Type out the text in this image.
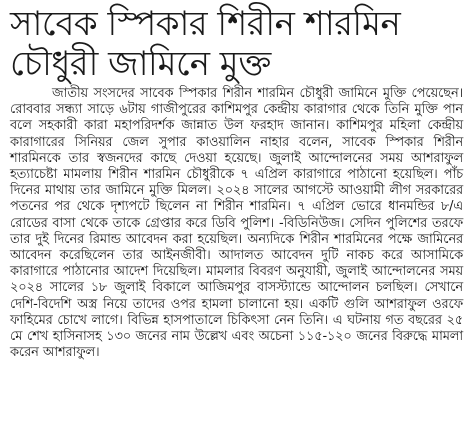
সাবেক স্পিকার শিরীন শারমিন
চৌধুরী জামিনে মুক্ত

জাতীয় সংসদের সাবেক স্পিকার শিরীন শারমিন চৌধুরী জামিনে মুক্তি পেয়েছেন। রোববার সন্ধ্যা সাড়ে ৬টায় গাজীপুরের কাশিমপুর কেন্দ্রীয় কারাগার থেকে তিনি মুক্তি পান বলে সহকারী কারা মহাপরিদর্শক জান্নাত উল ফরহাদ জানান। কাশিমপুর মহিলা কেন্দ্রীয় কারাগারের সিনিয়র জেল সুপার কাওয়ালিন নাহার বলেন, সাবেক স্পিকার শিরীন শারমিনকে তার স্বজনদের কাছে দেওয়া হয়েছে। জুলাই আন্দোলনের সময় আশরাফুল হত্যাচেষ্টা মামলায় শিরীন শারমিন চৌধুরীকে ৭ এপ্রিল কারাগারে পাঠানো হয়েছিল। পাঁচ দিনের মাথায় তার জামিনে মুক্তি মিলল। ২০২৪ সালের আগস্টে আওয়ামী লীগ সরকারের পতনের পর থেকে দৃশ্যপটে ছিলেন না শিরীন শারমিন। ৭ এপ্রিল ভোরে ধানমন্ডির ৮/এ রোডের বাসা থেকে তাকে গ্রেপ্তার করে ডিবি পুলিশ। -বিডিনিউজ। সেদিন পুলিশের তরফে তার দুই দিনের রিমান্ড আবেদন করা হয়েছিল। অন্যদিকে শিরীন শারমিনের পক্ষে জামিনের আবেদন করেছিলেন তার আইনজীবী। আদালত আবেদন দুটি নাকচ করে আসামিকে কারাগারে পাঠানোর আদেশ দিয়েছিল। মামলার বিবরণ অনুযায়ী, জুলাই আন্দোলনের সময় ২০২৪ সালের ১৮ জুলাই বিকালে আজিমপুর বাসস্ট্যান্ডে আন্দোলন চলছিল। সেখানে দেশি-বিদেশি অস্ত্র নিয়ে তাদের ওপর হামলা চালানো হয়। একটি গুলি আশরাফুল ওরফে ফাহিমের চোখে লাগে। বিভিন্ন হাসপাতালে চিকিৎসা নেন তিনি। এ ঘটনায় গত বছরের ২৫ মে শেখ হাসিনাসহ ১৩০ জনের নাম উল্লেখ এবং অচেনা ১১৫-১২০ জনের বিরুদ্ধে মামলা করেন আশরাফুল।
